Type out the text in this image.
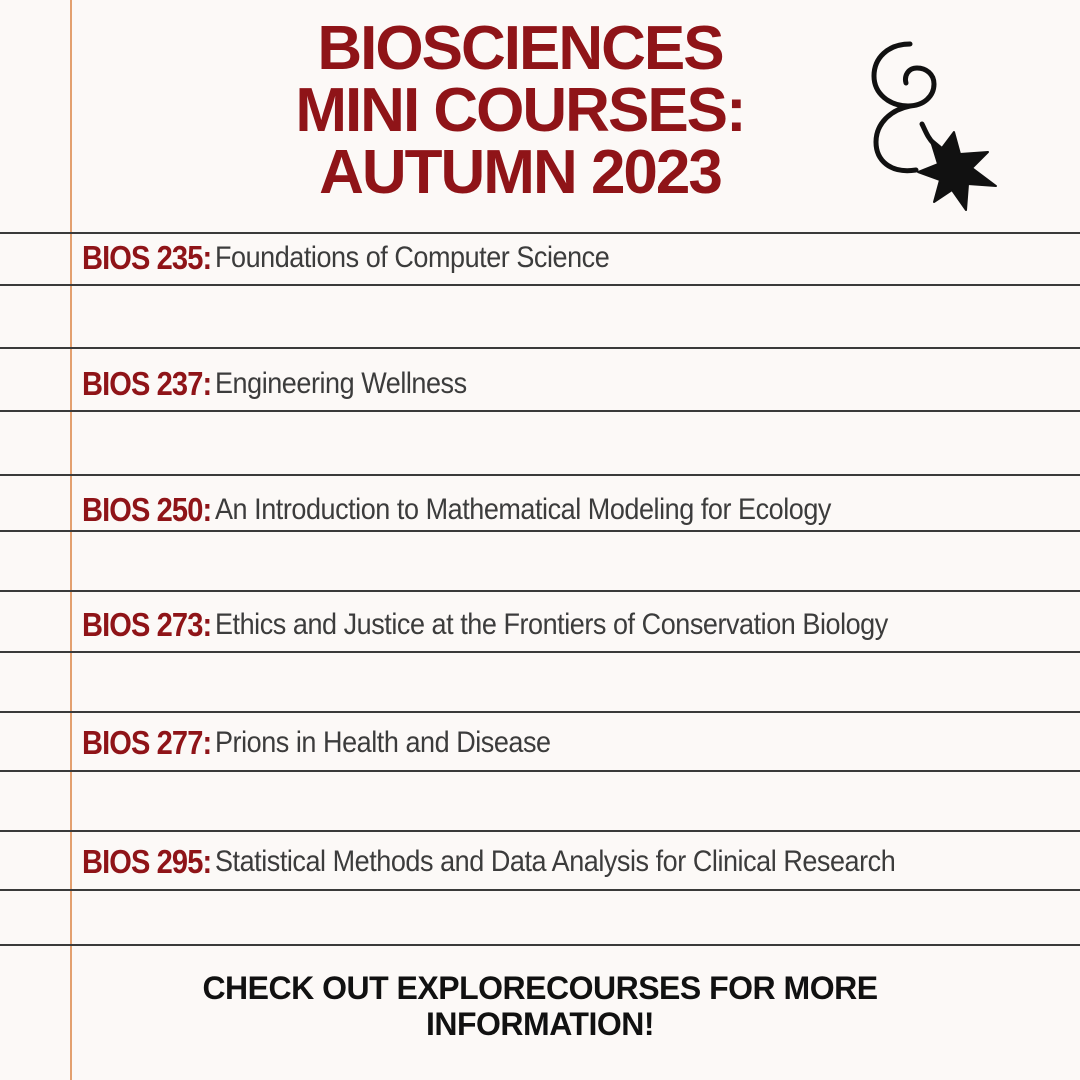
BIOSCIENCES
MINI COURSES:
AUTUMN 2023
BIOS 235: Foundations of Computer Science
BIOS 237: Engineering Wellness
BIOS 250: An Introduction to Mathematical Modeling for Ecology
BIOS 273: Ethics and Justice at the Frontiers of Conservation Biology
BIOS 277: Prions in Health and Disease
BIOS 295: Statistical Methods and Data Analysis for Clinical Research
CHECK OUT EXPLORECOURSES FOR MORE
INFORMATION!
